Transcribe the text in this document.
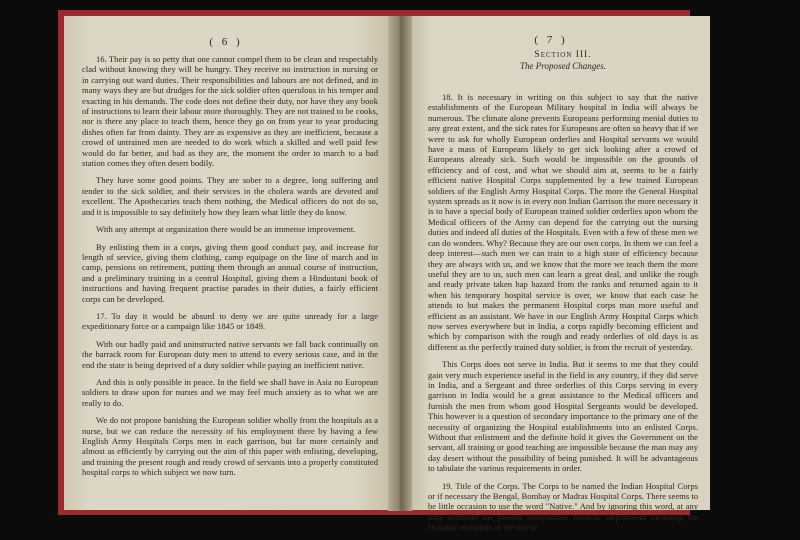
( 6 )

16. Their pay is so petty that one cannot compel them to be clean and respectably clad without knowing they will be hungry. They receive no instruction in nursing or in carrying out ward duties. Their responsibilities and labours are not defined, and in many ways they are but drudges for the sick soldier often querulous in his temper and exacting in his demands. The code does not define their duty, nor have they any book of instructions to learn their labour more thoroughly. They are not trained to be cooks, nor is there any place to teach them, hence they go on from year to year producing dishes often far from dainty. They are as expensive as they are inefficient, because a crowd of untrained men are needed to do work which a skilled and well paid few would do far better, and bad as they are, the moment the order to march to a bad station comes they often desert bodily.

They have some good points. They are sober to a degree, long suffering and tender to the sick soldier, and their services in the cholera wards are devoted and excellent. The Apothecaries teach them nothing, the Medical officers do not do so, and it is impossible to say definitely how they learn what little they do know.

With any attempt at organization there would be an immense improvement.

By enlisting them in a corps, giving them good conduct pay, and increase for length of service, giving them clothing, camp equipage on the line of march and in camp, pensions on retirement, putting them through an annual course of instruction, and a preliminary training in a central Hospital, giving them a Hindustani book of instructions and having frequent practise parades in their duties, a fairly efficient corps can be developed.

17. To day it would be absurd to deny we are quite unready for a large expeditionary force or a campaign like 1845 or 1849.

With our badly paid and uninstructed native servants we fall back continually on the barrack room for European duty men to attend to every serious case, and in the end the state is being deprived of a duty soldier while paying an inefficient native.

And this is only possible in peace. In the field we shall have in Asia no European soldiers to draw upon for nurses and we may feel much anxiety as to what we are really to do.

We do not propose banishing the European soldier wholly from the hospitals as a nurse, but we can reduce the necessity of his employment there by having a few English Army Hospitals Corps men in each garrison, but far more certainly and almost as efficiently by carrying out the aim of this paper with enlisting, developing, and training the present rough and ready crowd of servants into a properly constituted hospital corps to which subject we now turn.

( 7 )
Section III.
The Proposed Changes.

18. It is necessary in writing on this subject to say that the native establishments of the European Military hospital in India will always be numerous. The climate alone prevents Europeans performing menial duties to any great extent, and the sick rates for Europeans are often so heavy that if we were to ask for wholly European orderlies and Hospital servants we would have a mass of Europeans likely to get sick looking after a crowd of Europeans already sick. Such would be impossible on the grounds of efficiency and of cost, and what we should aim at, seems to be a fairly efficient native Hospital Corps supplemented by a few trained European soldiers of the English Army Hospital Corps. The more the General Hospital system spreads as it now is in every non Indian Garrison the more necessary it is to have a special body of European trained soldier orderlies upon whom the Medical officers of the Army can depend for the carrying out the nursing duties and indeed all duties of the Hospitals. Even with a few of these men we can do wonders. Why? Because they are our own corps. In them we can feel a deep interest—such men we can train to a high state of efficiency because they are always with us, and we know that the more we teach them the more useful they are to us, such men can learn a great deal, and unlike the rough and ready private taken hap hazard from the ranks and returned again to it when his temporary hospital service is over, we know that each case he attends to but makes the permanent Hospital corps man more useful and efficient as an assistant. We have in our English Army Hospital Corps which now serves everywhere but in India, a corps rapidly becoming efficient and which by comparison with the rough and ready orderlies of old days is as different as the perfectly trained duty soldier, is from the recruit of yesterday.

This Corps does not serve in India. But it seems to me that they could gain very much experience useful in the field in any country, if they did serve in India, and a Sergeant and three orderlies of this Corps serving in every garrison in India would be a great assistance to the Medical officers and furnish the men from whom good Hospital Sergeants would be developed. This however is a question of secondary importance to the primary one of the necessity of organizing the Hospital establishments into an enlisted Corps. Without that enlistment and the definite hold it gives the Government on the servant, all training or good teaching are impossible because the man may any day desert without the possibility of being punished. It will be advantageous to tabulate the various requirements in order.

19. Title of the Corps. The Corps to be named the Indian Hospital Corps or if necessary the Bengal, Bombay or Madras Hospital Corps. There seems to be little occasion to use the word "Native." And by ignoring this word, at any time hereafter the present Subordinate Medical Department including the Hospital assistants of the native
